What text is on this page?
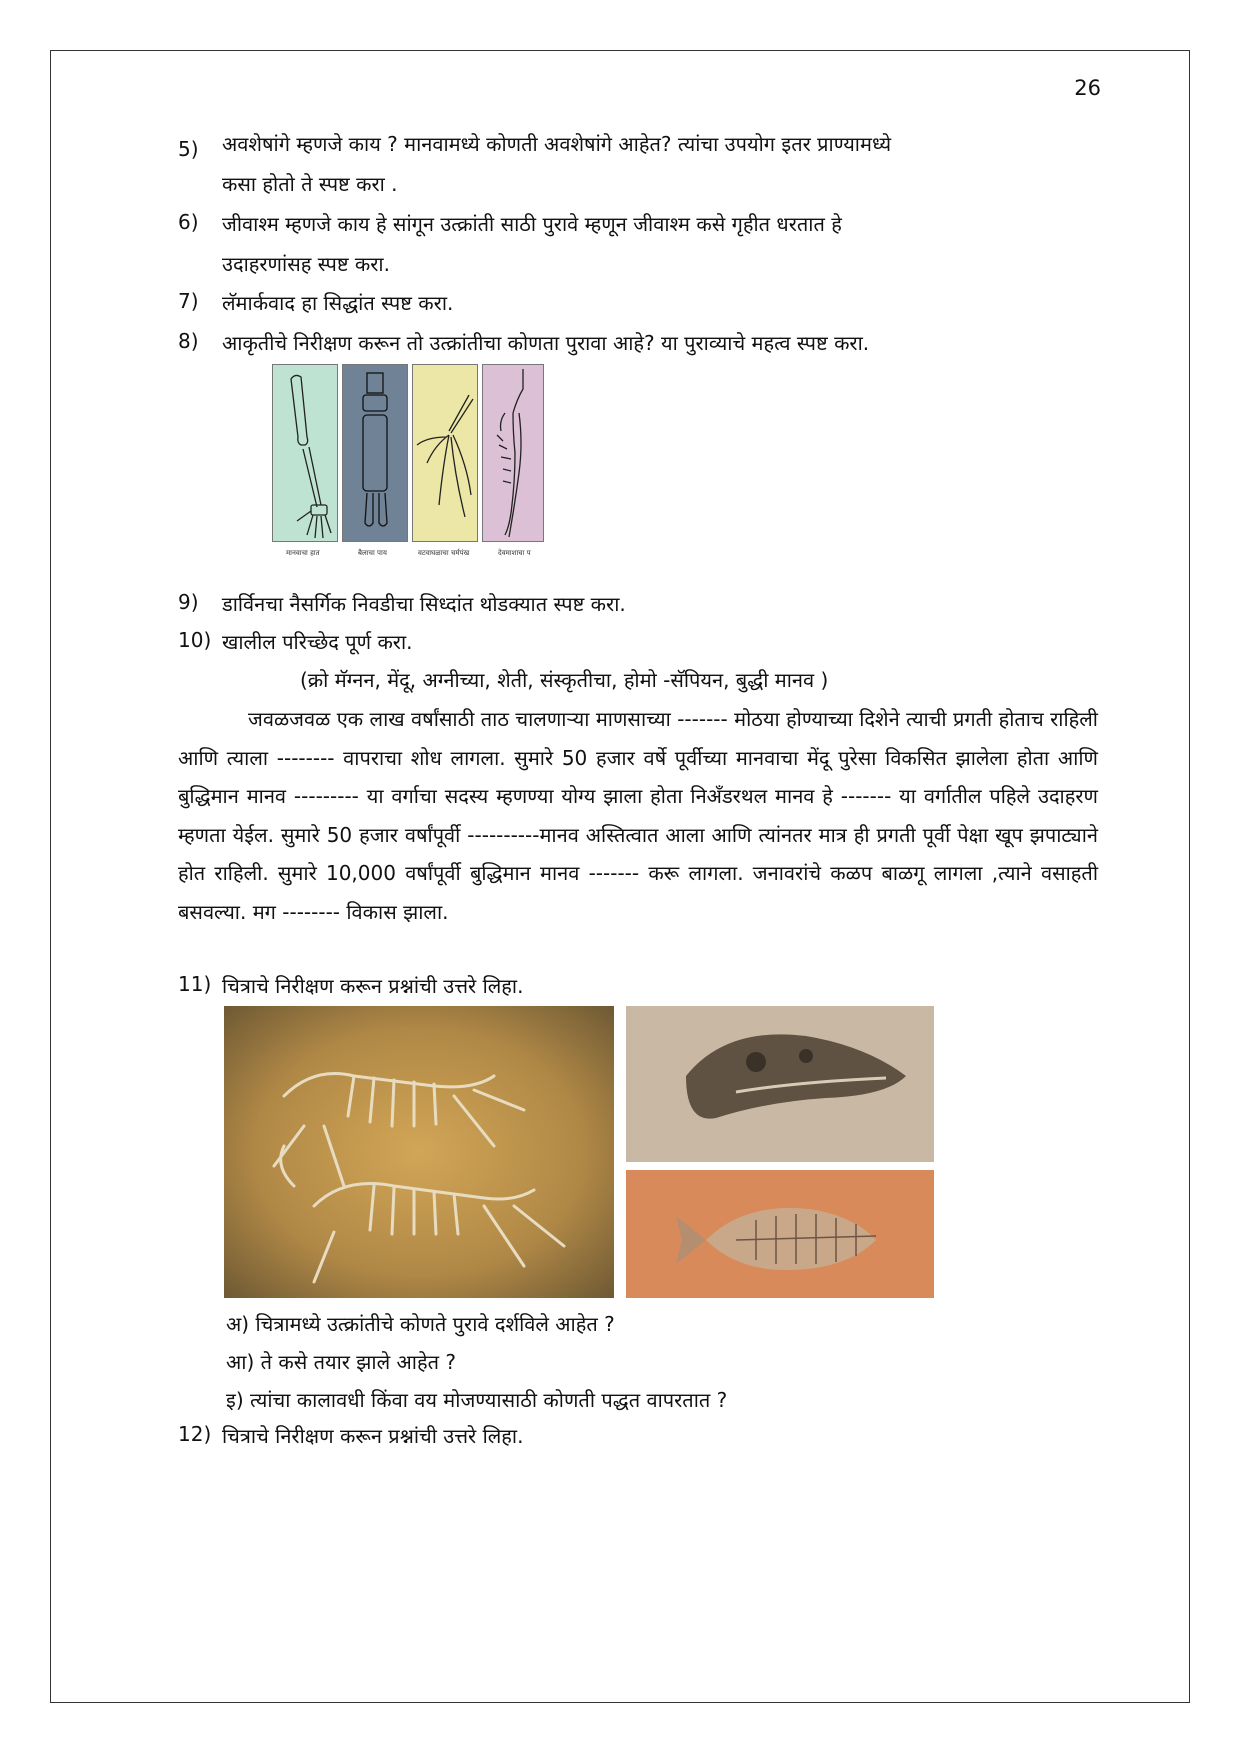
26
5)	अवशेषांगे म्हणजे काय ? मानवामध्ये कोणती अवशेषांगे आहेत? त्यांचा उपयोग इतर प्राण्यामध्ये
कसा होतो ते स्पष्ट करा .
6) जीवाश्म म्हणजे काय हे सांगून उत्क्रांती साठी पुरावे म्हणून जीवाश्म कसे गृहीत धरतात हे
उदाहरणांसह स्पष्ट करा.
7) लॅमार्कवाद हा सिद्धांत स्पष्ट करा.
8) आकृतीचे निरीक्षण करून तो उत्क्रांतीचा कोणता पुरावा आहे? या पुराव्याचे महत्व स्पष्ट करा.
मानवाचा हात	बैलाचा पाय	वटवाघळाचा चर्मपंख	देवमाशाचा प
9) डार्विनचा नैसर्गिक निवडीचा सिध्दांत थोडक्यात स्पष्ट करा.
10) खालील परिच्छेद पूर्ण करा.
(क्रो मॅग्नन, मेंदू, अग्नीच्या, शेती, संस्कृतीचा, होमो -सॅपियन, बुद्धी मानव )
जवळजवळ एक लाख वर्षांसाठी ताठ चालणाऱ्या माणसाच्या ------- मोठया होण्याच्या दिशेने त्याची प्रगती होताच राहिली आणि त्याला -------- वापराचा शोध लागला. सुमारे 50 हजार वर्षे पूर्वीच्या मानवाचा मेंदू पुरेसा विकसित झालेला होता आणि बुद्धिमान मानव --------- या वर्गाचा सदस्य म्हणण्या योग्य झाला होता निअँडरथल मानव हे ------- या वर्गातील पहिले उदाहरण म्हणता येईल. सुमारे 50 हजार वर्षांपूर्वी ----------मानव अस्तित्वात आला आणि त्यांनतर मात्र ही प्रगती पूर्वी पेक्षा खूप झपाट्याने होत राहिली. सुमारे 10,000 वर्षांपूर्वी बुद्धिमान मानव ------- करू लागला. जनावरांचे कळप बाळगू लागला ,त्याने वसाहती बसवल्या. मग -------- विकास झाला.
11) चित्राचे निरीक्षण करून प्रश्नांची उत्तरे लिहा.
अ) चित्रामध्ये उत्क्रांतीचे कोणते पुरावे दर्शविले आहेत ?
आ) ते कसे तयार झाले आहेत ?
इ) त्यांचा कालावधी किंवा वय मोजण्यासाठी कोणती पद्धत वापरतात ?
12) चित्राचे निरीक्षण करून प्रश्नांची उत्तरे लिहा.
